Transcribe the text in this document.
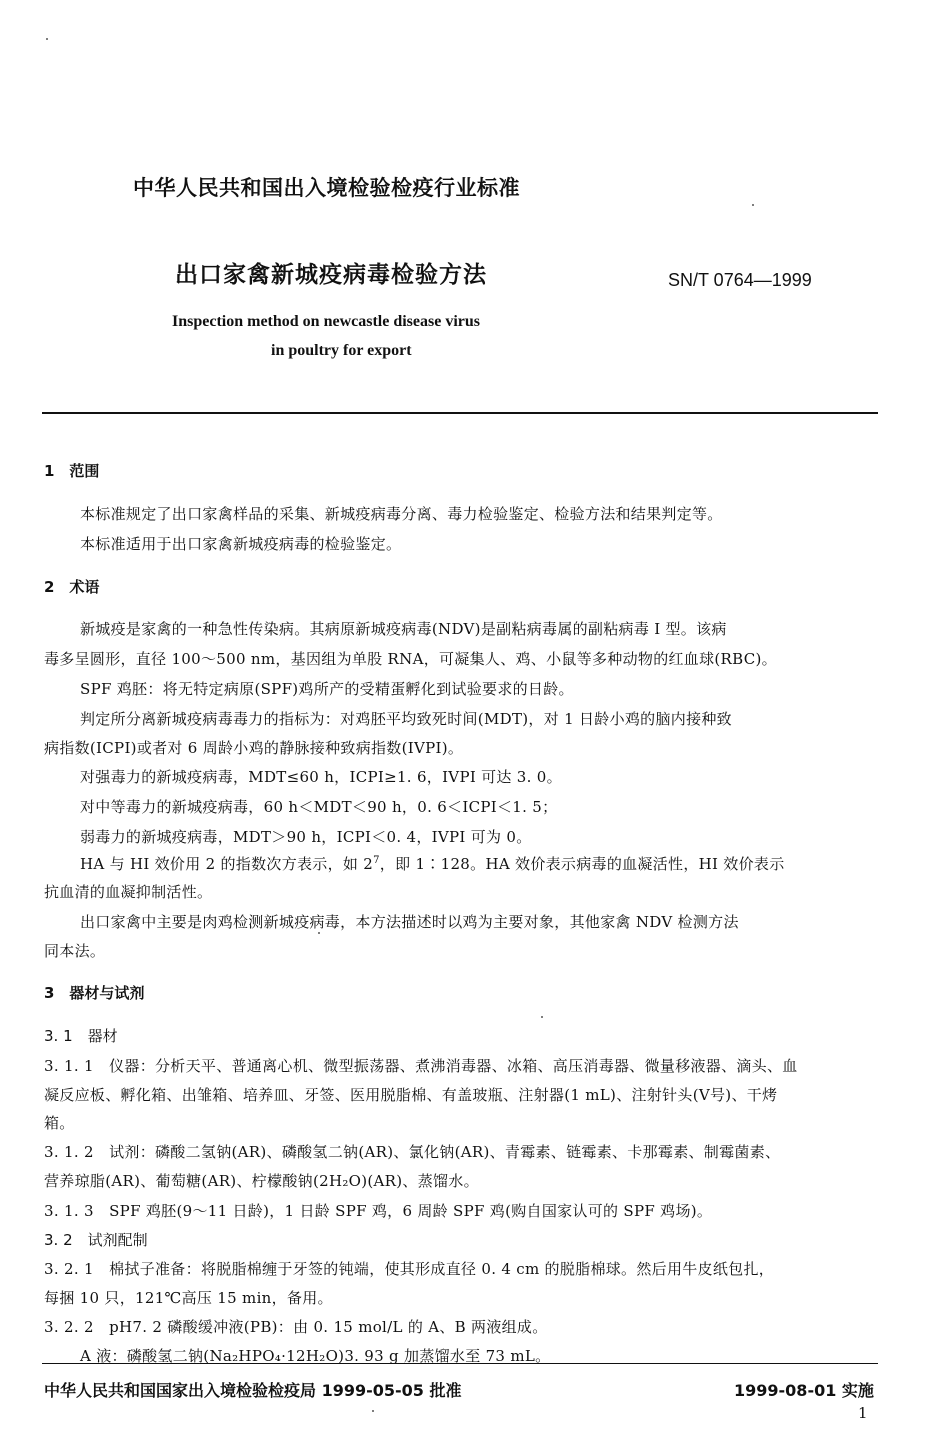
中华人民共和国出入境检验检疫行业标准
出口家禽新城疫病毒检验方法	SN/T 0764—1999
Inspection method on newcastle disease virus
in poultry for export
1　范围
本标准规定了出口家禽样品的采集、新城疫病毒分离、毒力检验鉴定、检验方法和结果判定等。
本标准适用于出口家禽新城疫病毒的检验鉴定。
2　术语
新城疫是家禽的一种急性传染病。其病原新城疫病毒(NDV)是副粘病毒属的副粘病毒 I 型。该病
毒多呈圆形，直径 100～500 nm，基因组为单股 RNA，可凝集人、鸡、小鼠等多种动物的红血球(RBC)。
SPF 鸡胚：将无特定病原(SPF)鸡所产的受精蛋孵化到试验要求的日龄。
判定所分离新城疫病毒毒力的指标为：对鸡胚平均致死时间(MDT)，对 1 日龄小鸡的脑内接种致
病指数(ICPI)或者对 6 周龄小鸡的静脉接种致病指数(IVPI)。
对强毒力的新城疫病毒，MDT≤60 h，ICPI≥1. 6，IVPI 可达 3. 0。
对中等毒力的新城疫病毒，60 h＜MDT＜90 h，0. 6＜ICPI＜1. 5；
弱毒力的新城疫病毒，MDT＞90 h，ICPI＜0. 4，IVPI 可为 0。
HA 与 HI 效价用 2 的指数次方表示，如 $2^7$，即 1∶128。HA 效价表示病毒的血凝活性，HI 效价表示
抗血清的血凝抑制活性。
出口家禽中主要是肉鸡检测新城疫病毒，本方法描述时以鸡为主要对象，其他家禽 NDV 检测方法
同本法。
3　器材与试剂
3. 1　器材
3. 1. 1　仪器：分析天平、普通离心机、微型振荡器、煮沸消毒器、冰箱、高压消毒器、微量移液器、滴头、血
凝反应板、孵化箱、出雏箱、培养皿、牙签、医用脱脂棉、有盖玻瓶、注射器(1 mL)、注射针头(Ⅴ号)、干烤
箱。
3. 1. 2　试剂：磷酸二氢钠(AR)、磷酸氢二钠(AR)、氯化钠(AR)、青霉素、链霉素、卡那霉素、制霉菌素、
营养琼脂(AR)、葡萄糖(AR)、柠檬酸钠(2H₂O)(AR)、蒸馏水。
3. 1. 3　SPF 鸡胚(9～11 日龄)，1 日龄 SPF 鸡，6 周龄 SPF 鸡(购自国家认可的 SPF 鸡场)。
3. 2　试剂配制
3. 2. 1　棉拭子准备：将脱脂棉缠于牙签的钝端，使其形成直径 0. 4 cm 的脱脂棉球。然后用牛皮纸包扎，
每捆 10 只，121℃高压 15 min，备用。
3. 2. 2　pH7. 2 磷酸缓冲液(PB)：由 0. 15 mol/L 的 A、B 两液组成。
A 液：磷酸氢二钠(Na₂HPO₄·12H₂O)3. 93 g 加蒸馏水至 73 mL。
中华人民共和国国家出入境检验检疫局 1999-05-05 批准	1999-08-01 实施
1
